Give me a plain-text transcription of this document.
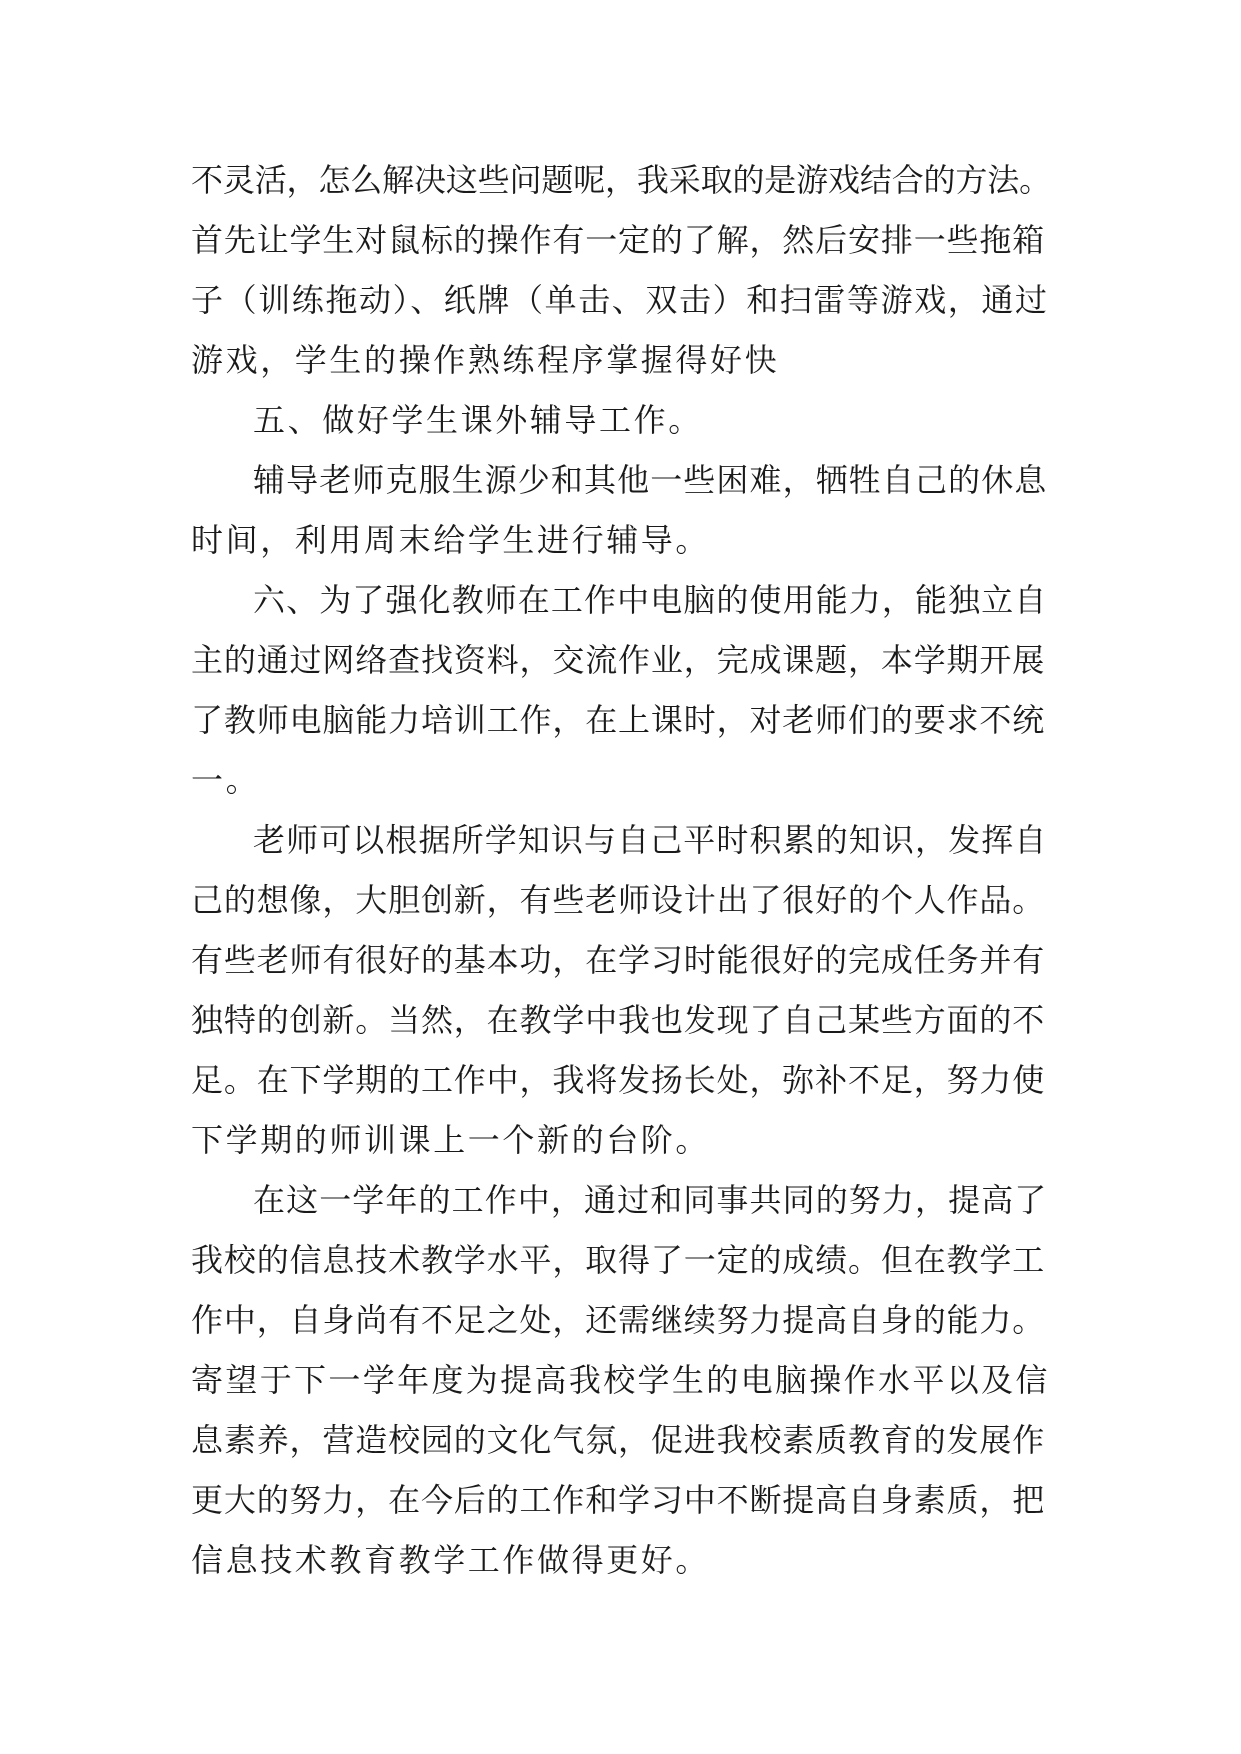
不灵活，怎么解决这些问题呢，我采取的是游戏结合的方法。
首先让学生对鼠标的操作有一定的了解，然后安排一些拖箱
子（训练拖动）、纸牌（单击、双击）和扫雷等游戏，通过
游戏，学生的操作熟练程序掌握得好快
五、做好学生课外辅导工作。
辅导老师克服生源少和其他一些困难，牺牲自己的休息
时间，利用周末给学生进行辅导。
六、为了强化教师在工作中电脑的使用能力，能独立自
主的通过网络查找资料，交流作业，完成课题，本学期开展
了教师电脑能力培训工作，在上课时，对老师们的要求不统
一。
老师可以根据所学知识与自己平时积累的知识，发挥自
己的想像，大胆创新，有些老师设计出了很好的个人作品。
有些老师有很好的基本功，在学习时能很好的完成任务并有
独特的创新。当然，在教学中我也发现了自己某些方面的不
足。在下学期的工作中，我将发扬长处，弥补不足，努力使
下学期的师训课上一个新的台阶。
在这一学年的工作中，通过和同事共同的努力，提高了
我校的信息技术教学水平，取得了一定的成绩。但在教学工
作中，自身尚有不足之处，还需继续努力提高自身的能力。
寄望于下一学年度为提高我校学生的电脑操作水平以及信
息素养，营造校园的文化气氛，促进我校素质教育的发展作
更大的努力，在今后的工作和学习中不断提高自身素质，把
信息技术教育教学工作做得更好。
